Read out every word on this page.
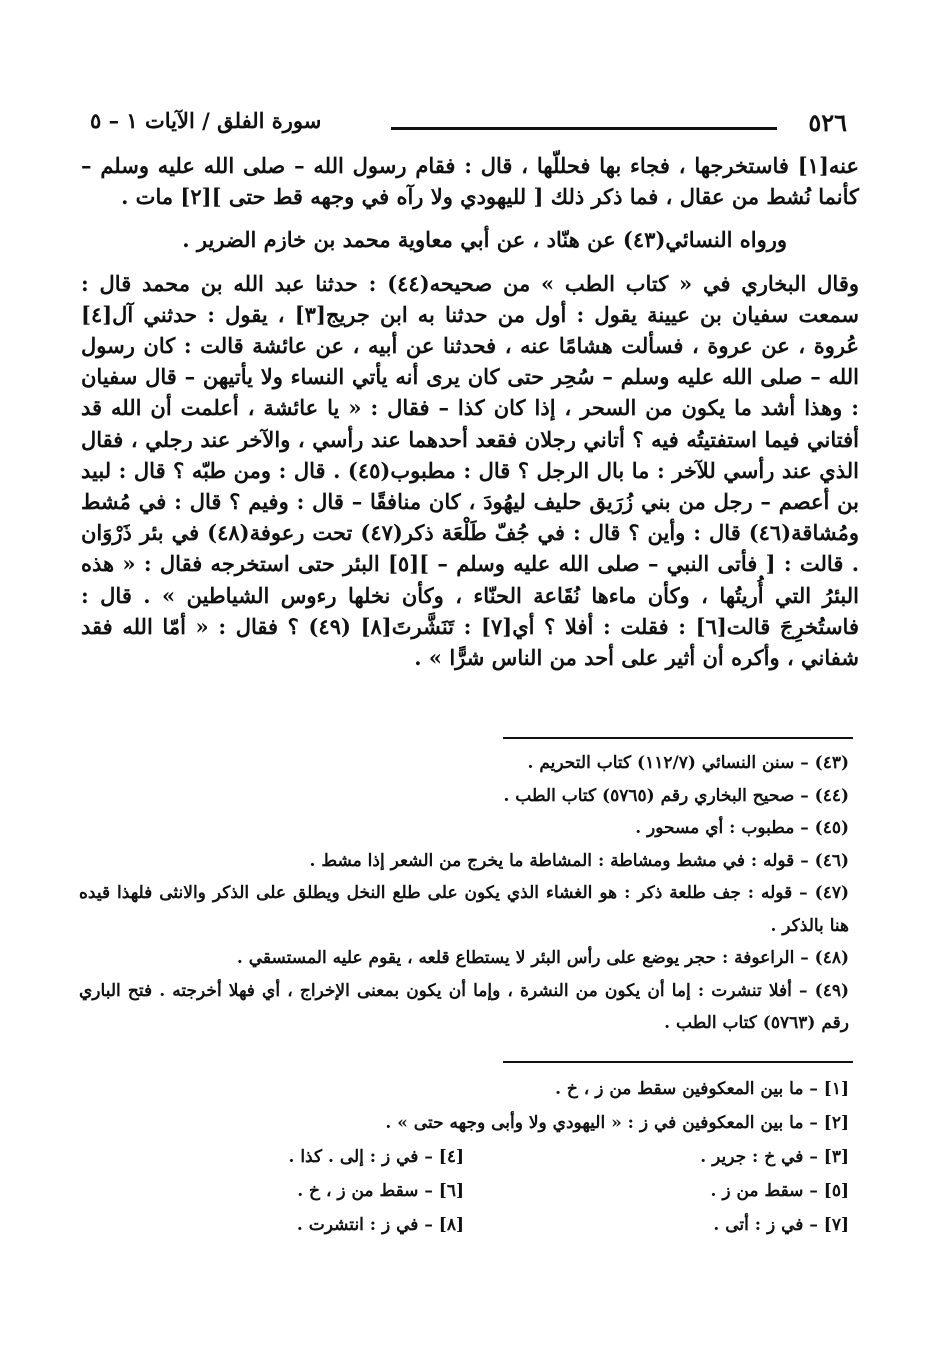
٥٢٦
سورة الفلق / الآيات ١ – ٥

عنه[١] فاستخرجها ، فجاء بها فحللّها ، قال : فقام رسول الله – صلى الله عليه وسلم – كأنما نُشط من عقال ، فما ذكر ذلك [ لليهودي ولا رآه في وجهه قط حتى ][٢] مات .

ورواه النسائي(٤٣) عن هنّاد ، عن أبي معاوية محمد بن خازم الضرير .

وقال البخاري في « كتاب الطب » من صحيحه(٤٤) : حدثنا عبد الله بن محمد قال : سمعت سفيان بن عيينة يقول : أول من حدثنا به ابن جريج[٣] ، يقول : حدثني آل[٤] عُروة ، عن عروة ، فسألت هشامًا عنه ، فحدثنا عن أبيه ، عن عائشة قالت : كان رسول الله – صلى الله عليه وسلم – سُحِر حتى كان يرى أنه يأتي النساء ولا يأتيهن – قال سفيان : وهذا أشد ما يكون من السحر ، إذا كان كذا – فقال : « يا عائشة ، أعلمت أن الله قد أفتاني فيما استفتيتُه فيه ؟ أتاني رجلان فقعد أحدهما عند رأسي ، والآخر عند رجلي ، فقال الذي عند رأسي للآخر : ما بال الرجل ؟ قال : مطبوب(٤٥) . قال : ومن طبّه ؟ قال : لبيد بن أعصم – رجل من بني زُرَيق حليف ليهُودَ ، كان منافقًا – قال : وفيم ؟ قال : في مُشط ومُشاقة(٤٦) قال : وأين ؟ قال : في جُفّ طَلْعَة ذكر(٤٧) تحت رعوفة(٤٨) في بئر ذَرْوَان . قالت : [ فأتى النبي – صلى الله عليه وسلم – ][٥] البئر حتى استخرجه فقال : « هذه البئرُ التي أُريتُها ، وكأن ماءها نُقَاعة الحنّاء ، وكأن نخلها رءوس الشياطين » . قال : فاستُخرِجَ قالت[٦] : فقلت : أفلا ؟ أي[٧] : تَنَشَّرتَ[٨] (٤٩) ؟ فقال : « أمّا الله فقد شفاني ، وأكره أن أثير على أحد من الناس شرًّا » .

(٤٣) – سنن النسائي (١١٢/٧) كتاب التحريم .

(٤٤) – صحيح البخاري رقم (٥٧٦٥) كتاب الطب .

(٤٥) – مطبوب : أي مسحور .

(٤٦) – قوله : في مشط ومشاطة : المشاطة ما يخرج من الشعر إذا مشط .

(٤٧) – قوله : جف طلعة ذكر : هو الغشاء الذي يكون على طلع النخل ويطلق على الذكر والانثى فلهذا قيده هنا بالذكر .

(٤٨) – الراعوفة : حجر يوضع على رأس البئر لا يستطاع قلعه ، يقوم عليه المستسقي .

(٤٩) – أفلا تنشرت : إما أن يكون من النشرة ، وإما أن يكون بمعنى الإخراج ، أي فهلا أخرجته . فتح الباري رقم (٥٧٦٣) كتاب الطب .

[١] – ما بين المعكوفين سقط من ز ، خ .

[٢] – ما بين المعكوفين في ز : « اليهودي ولا وأبى وجهه حتى » .

[٣] – في خ : جرير .
[٤] – في ز : إلى . كذا .
[٥] – سقط من ز .
[٦] – سقط من ز ، خ .
[٧] – في ز : أتى .
[٨] – في ز : انتشرت .
